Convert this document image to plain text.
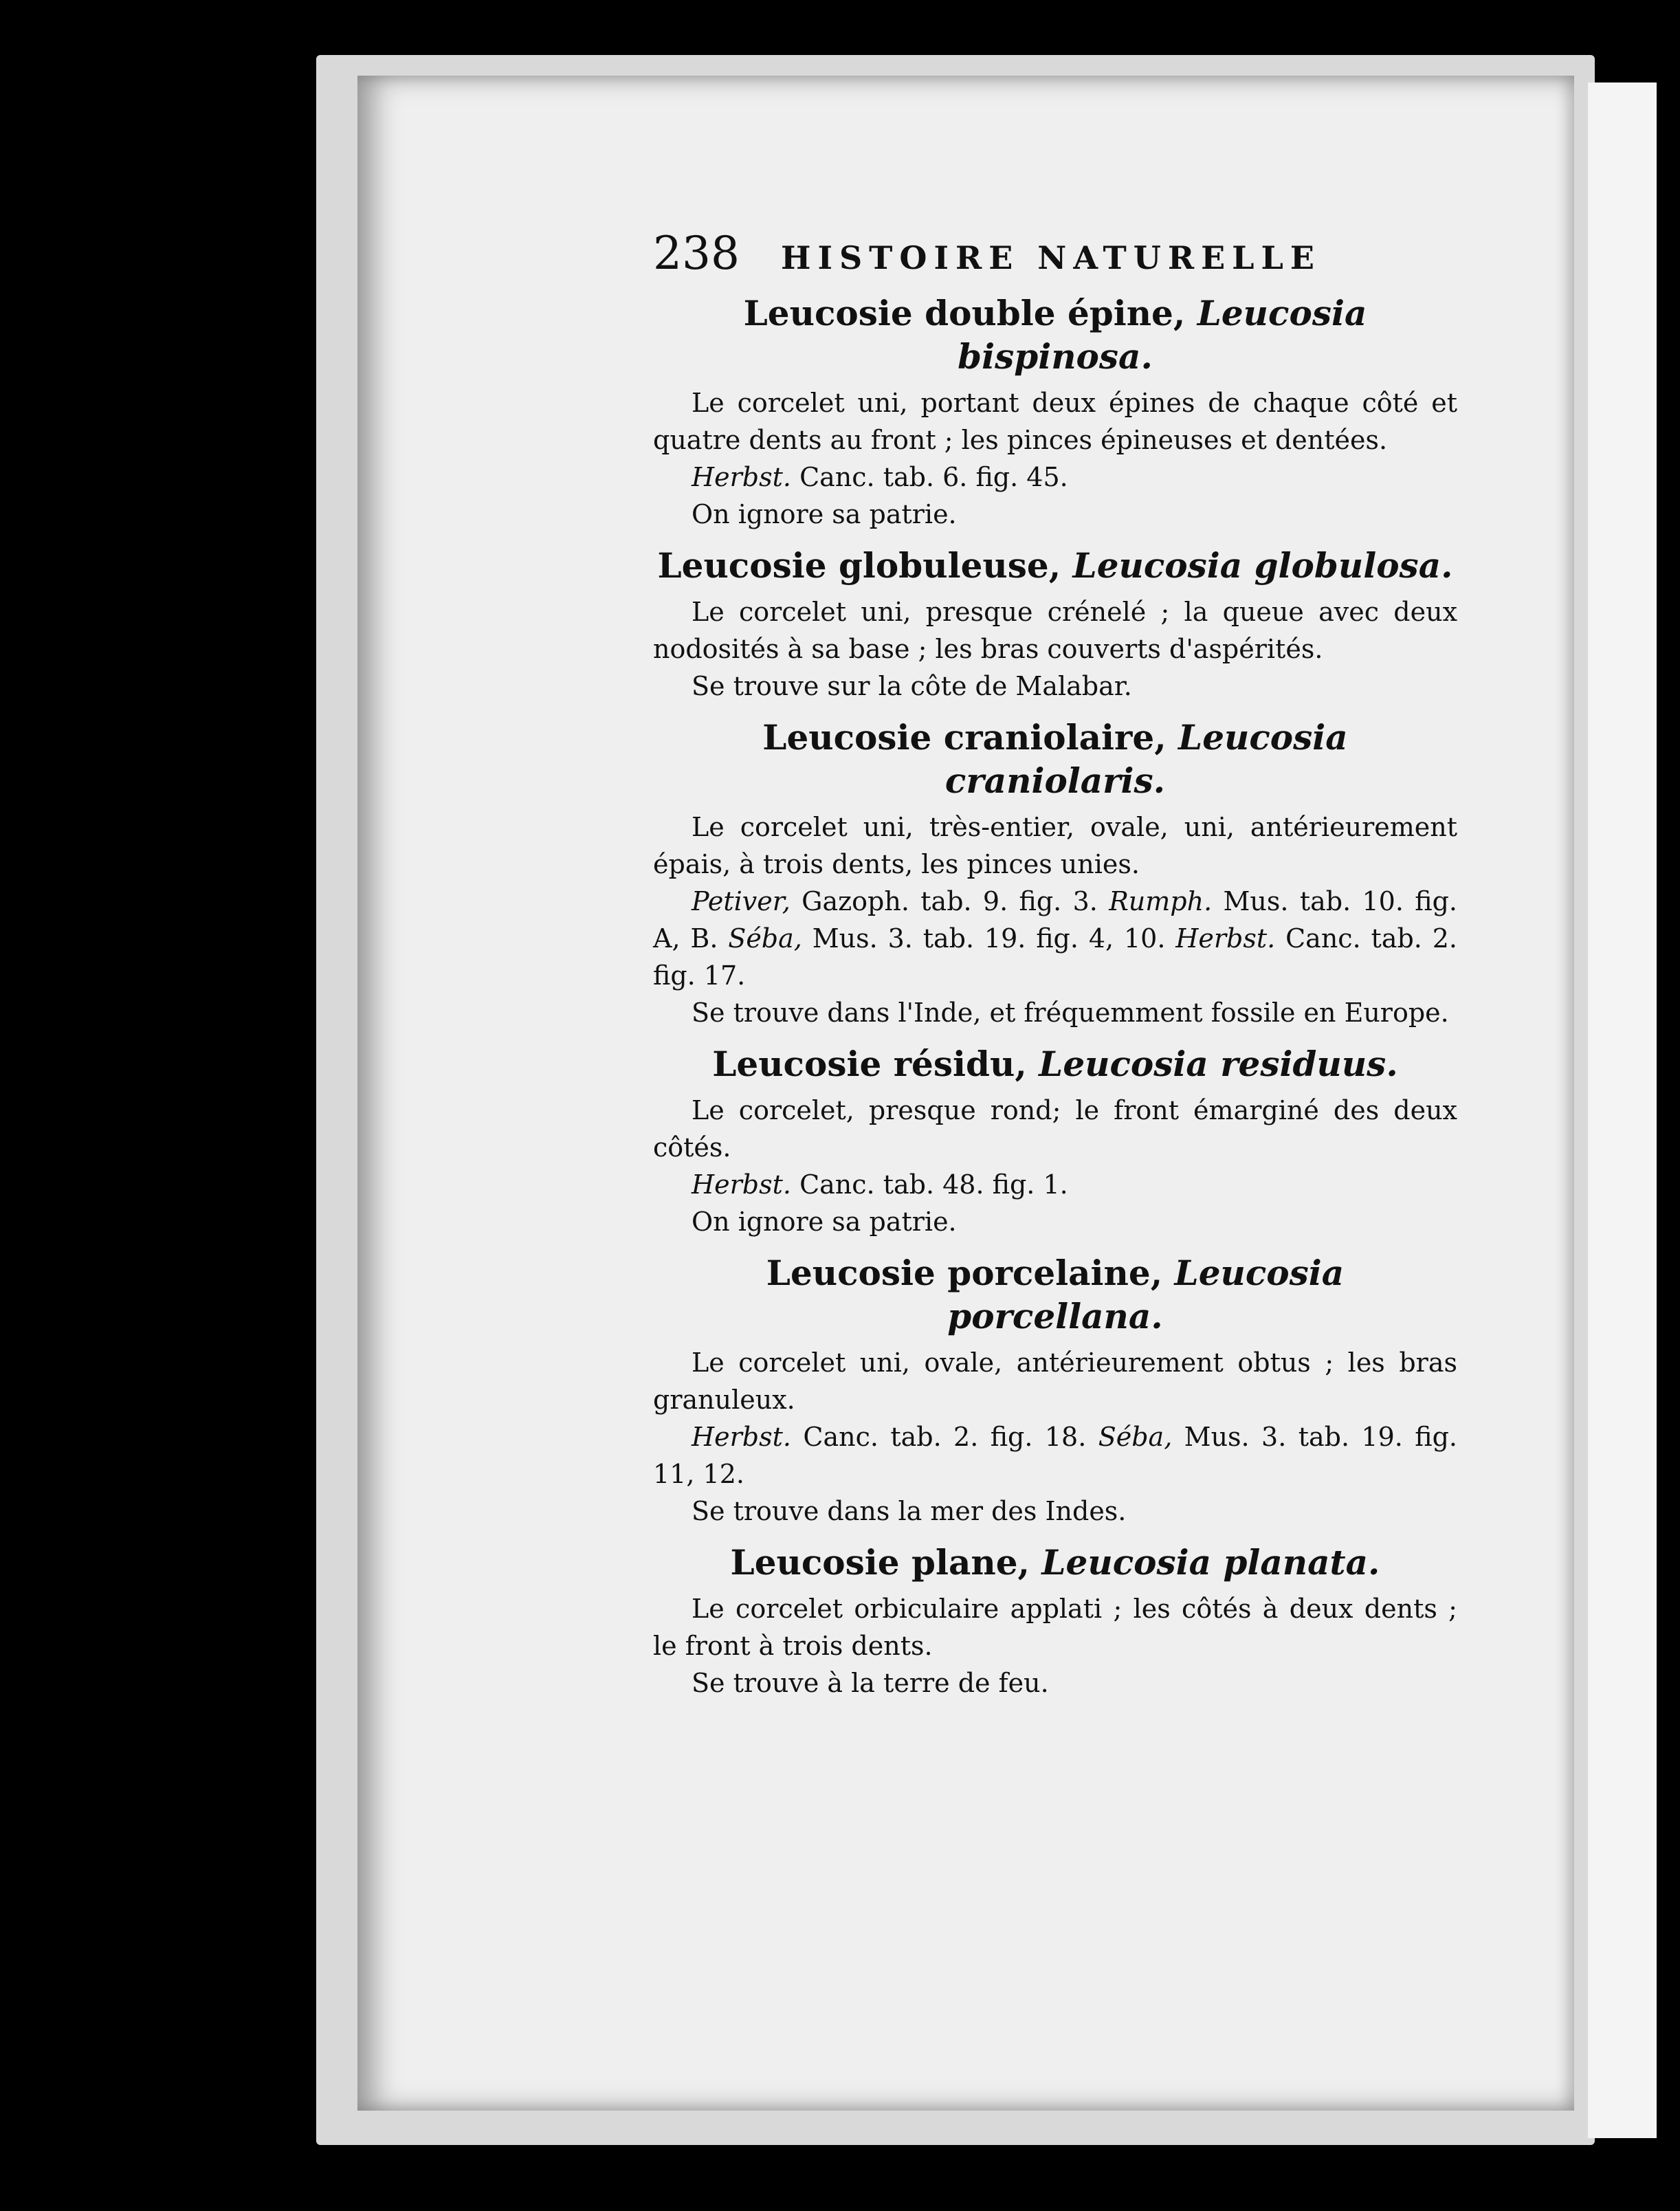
238 HISTOIRE NATURELLE
Leucosie double épine, Leucosia bispinosa.

Le corcelet uni, portant deux épines de chaque côté et quatre dents au front ; les pinces épineuses et dentées.

Herbst. Canc. tab. 6. fig. 45.

On ignore sa patrie.

Leucosie globuleuse, Leucosia globulosa.

Le corcelet uni, presque crénelé ; la queue avec deux nodosités à sa base ; les bras couverts d'aspérités.

Se trouve sur la côte de Malabar.

Leucosie craniolaire, Leucosia craniolaris.

Le corcelet uni, très-entier, ovale, uni, antérieurement épais, à trois dents, les pinces unies.

Petiver, Gazoph. tab. 9. fig. 3. Rumph. Mus. tab. 10. fig. A, B. Séba, Mus. 3. tab. 19. fig. 4, 10. Herbst. Canc. tab. 2. fig. 17.

Se trouve dans l'Inde, et fréquemment fossile en Europe.

Leucosie résidu, Leucosia residuus.

Le corcelet, presque rond; le front émarginé des deux côtés.

Herbst. Canc. tab. 48. fig. 1.

On ignore sa patrie.

Leucosie porcelaine, Leucosia porcellana.

Le corcelet uni, ovale, antérieurement obtus ; les bras granuleux.

Herbst. Canc. tab. 2. fig. 18. Séba, Mus. 3. tab. 19. fig. 11, 12.

Se trouve dans la mer des Indes.

Leucosie plane, Leucosia planata.

Le corcelet orbiculaire applati ; les côtés à deux dents ; le front à trois dents.

Se trouve à la terre de feu.
